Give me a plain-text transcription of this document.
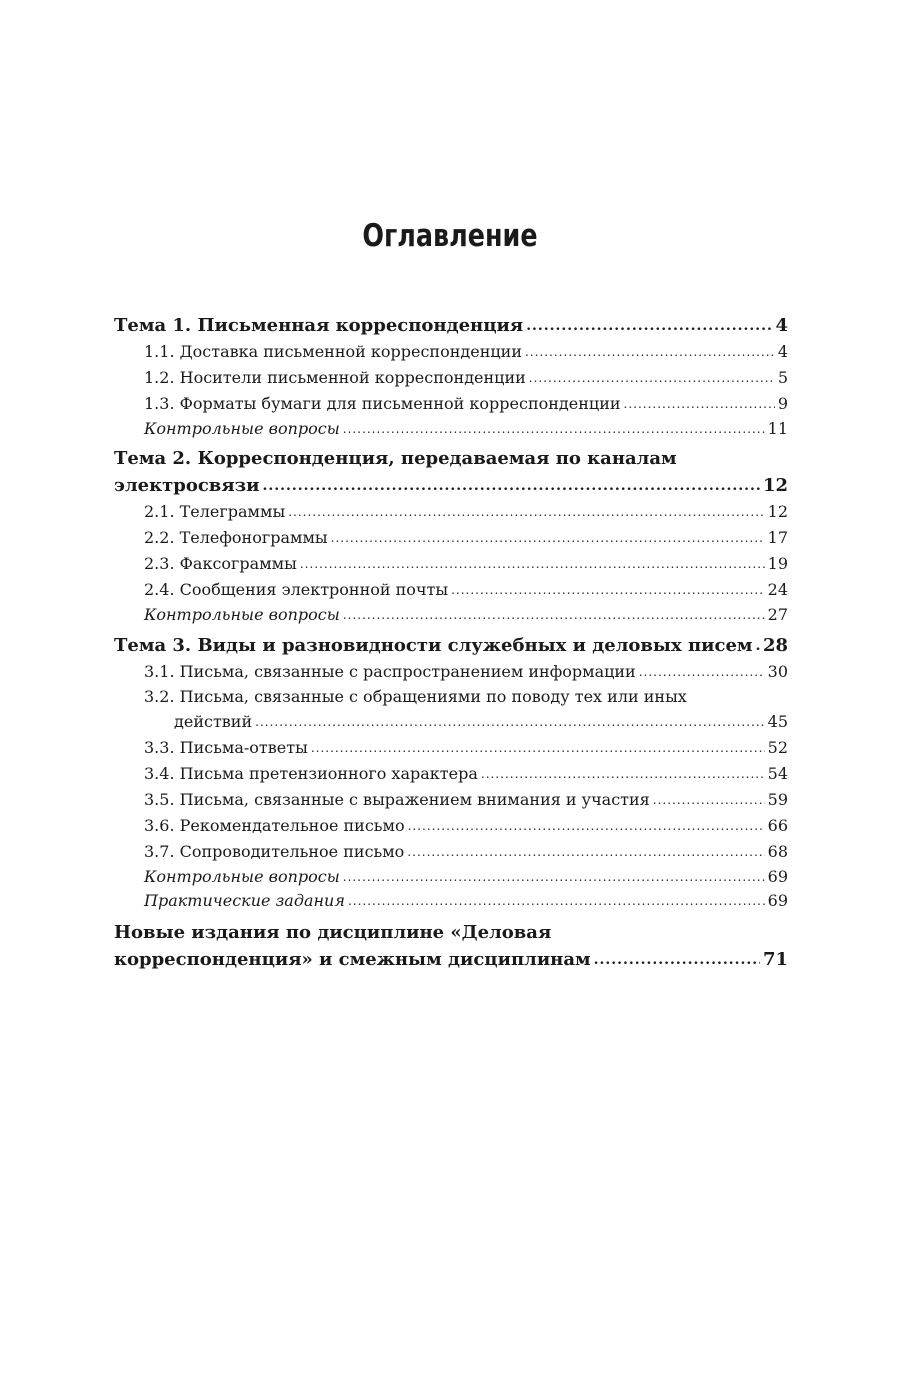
Оглавление
Тема 1. Письменная корреспонденция .....	4
1.1. Доставка письменной корреспонденции .....	4
1.2. Носители письменной корреспонденции .....	5
1.3. Форматы бумаги для письменной корреспонденции .....	9
Контрольные вопросы .....	11
Тема 2. Корреспонденция, передаваемая по каналам
электросвязи .....	12
2.1. Телеграммы .....	12
2.2. Телефонограммы .....	17
2.3. Факсограммы .....	19
2.4. Сообщения электронной почты .....	24
Контрольные вопросы .....	27
Тема 3. Виды и разновидности служебных и деловых писем ..... 28
3.1. Письма, связанные с распространением информации .....	30
3.2. Письма, связанные с обращениями по поводу тех или иных
действий .....	45
3.3. Письма-ответы .....	52
3.4. Письма претензионного характера .....	54
3.5. Письма, связанные с выражением внимания и участия .....	59
3.6. Рекомендательное письмо .....	66
3.7. Сопроводительное письмо .....	68
Контрольные вопросы .....	69
Практические задания .....	69
Новые издания по дисциплине «Деловая
корреспонденция» и смежным дисциплинам .....	71
